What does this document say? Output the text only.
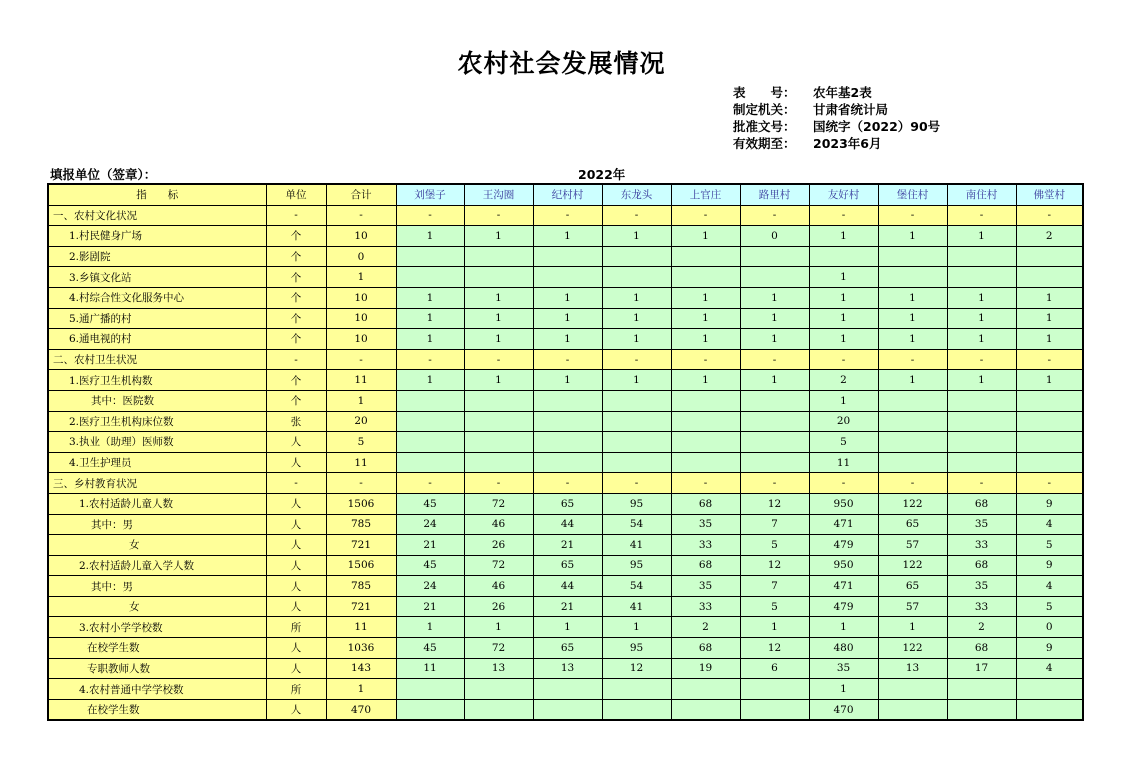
农村社会发展情况
表　　号：	农年基2表
制定机关：	甘肃省统计局
批准文号：	国统字（2022）90号
有效期至：	2023年6月
填报单位（签章）：	2022年
指　　标	单位	合计	刘堡子	王沟圈	纪村村	东龙头	上官庄	路里村	友好村	堡住村	南住村	佛堂村
一、农村文化状况	-	-	-	-	-	-	-	-	-	-	-	-
1.村民健身广场	个	10	1	1	1	1	1	0	1	1	1	2
2.影剧院	个	0										
3.乡镇文化站	个	1							1			
4.村综合性文化服务中心	个	10	1	1	1	1	1	1	1	1	1	1
5.通广播的村	个	10	1	1	1	1	1	1	1	1	1	1
6.通电视的村	个	10	1	1	1	1	1	1	1	1	1	1
二、农村卫生状况	-	-	-	-	-	-	-	-	-	-	-	-
1.医疗卫生机构数	个	11	1	1	1	1	1	1	2	1	1	1
其中：医院数	个	1							1			
2.医疗卫生机构床位数	张	20							20			
3.执业（助理）医师数	人	5							5			
4.卫生护理员	人	11							11			
三、乡村教育状况	-	-	-	-	-	-	-	-	-	-	-	-
1.农村适龄儿童人数	人	1506	45	72	65	95	68	12	950	122	68	9
其中：男	人	785	24	46	44	54	35	7	471	65	35	4
女	人	721	21	26	21	41	33	5	479	57	33	5
2.农村适龄儿童入学人数	人	1506	45	72	65	95	68	12	950	122	68	9
其中：男	人	785	24	46	44	54	35	7	471	65	35	4
女	人	721	21	26	21	41	33	5	479	57	33	5
3.农村小学学校数	所	11	1	1	1	1	2	1	1	1	2	0
在校学生数	人	1036	45	72	65	95	68	12	480	122	68	9
专职教师人数	人	143	11	13	13	12	19	6	35	13	17	4
4.农村普通中学学校数	所	1							1			
在校学生数	人	470							470			
